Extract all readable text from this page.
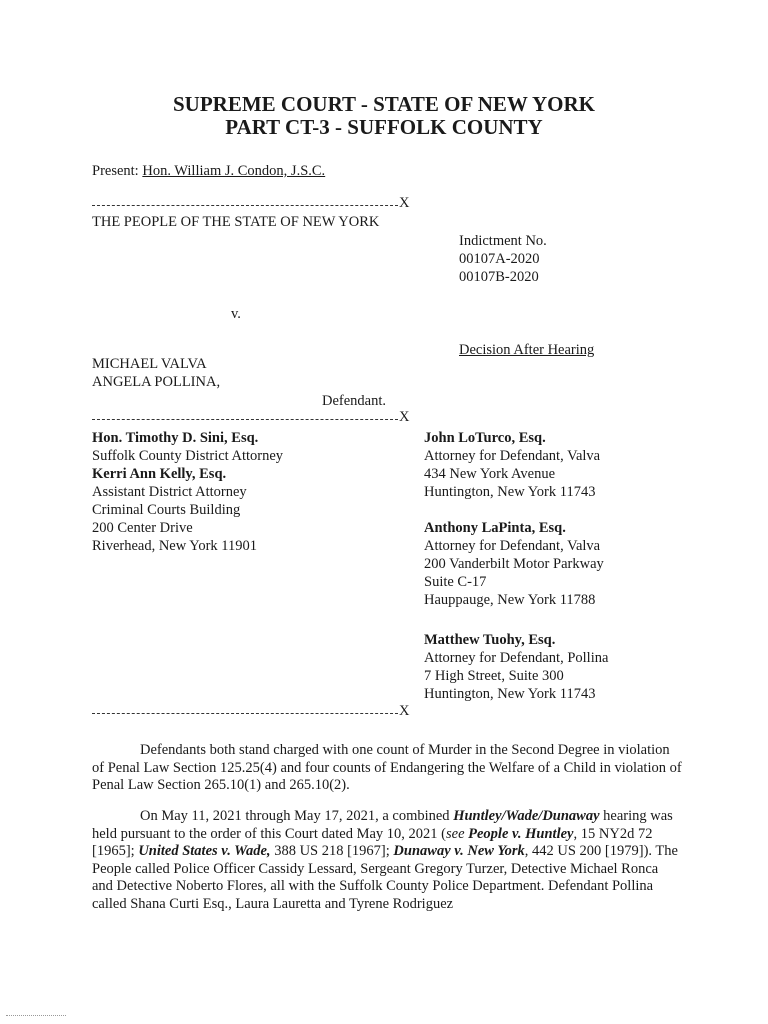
SUPREME COURT - STATE OF NEW YORK
PART CT-3 - SUFFOLK COUNTY
Present: Hon. William J. Condon, J.S.C.
X
THE PEOPLE OF THE STATE OF NEW YORK
Indictment No.
00107A-2020
00107B-2020
v.
Decision After Hearing
MICHAEL VALVA
ANGELA POLLINA,
Defendant.
X
Hon. Timothy D. Sini, Esq.
Suffolk County District Attorney
Kerri Ann Kelly, Esq.
Assistant District Attorney
Criminal Courts Building
200 Center Drive
Riverhead, New York 11901
John LoTurco, Esq.
Attorney for Defendant, Valva
434 New York Avenue
Huntington, New York 11743
Anthony LaPinta, Esq.
Attorney for Defendant, Valva
200 Vanderbilt Motor Parkway
Suite C-17
Hauppauge, New York 11788
Matthew Tuohy, Esq.
Attorney for Defendant, Pollina
7 High Street, Suite 300
Huntington, New York 11743
X
Defendants both stand charged with one count of Murder in the Second Degree in violation of Penal Law Section 125.25(4) and four counts of Endangering the Welfare of a Child in violation of Penal Law Section 265.10(1) and 265.10(2).
On May 11, 2021 through May 17, 2021, a combined Huntley/Wade/Dunaway hearing was held pursuant to the order of this Court dated May 10, 2021 (see People v. Huntley, 15 NY2d 72 [1965]; United States v. Wade, 388 US 218 [1967]; Dunaway v. New York, 442 US 200 [1979]). The People called Police Officer Cassidy Lessard, Sergeant Gregory Turzer, Detective Michael Ronca and Detective Noberto Flores, all with the Suffolk County Police Department. Defendant Pollina called Shana Curti Esq., Laura Lauretta and Tyrene Rodriguez
